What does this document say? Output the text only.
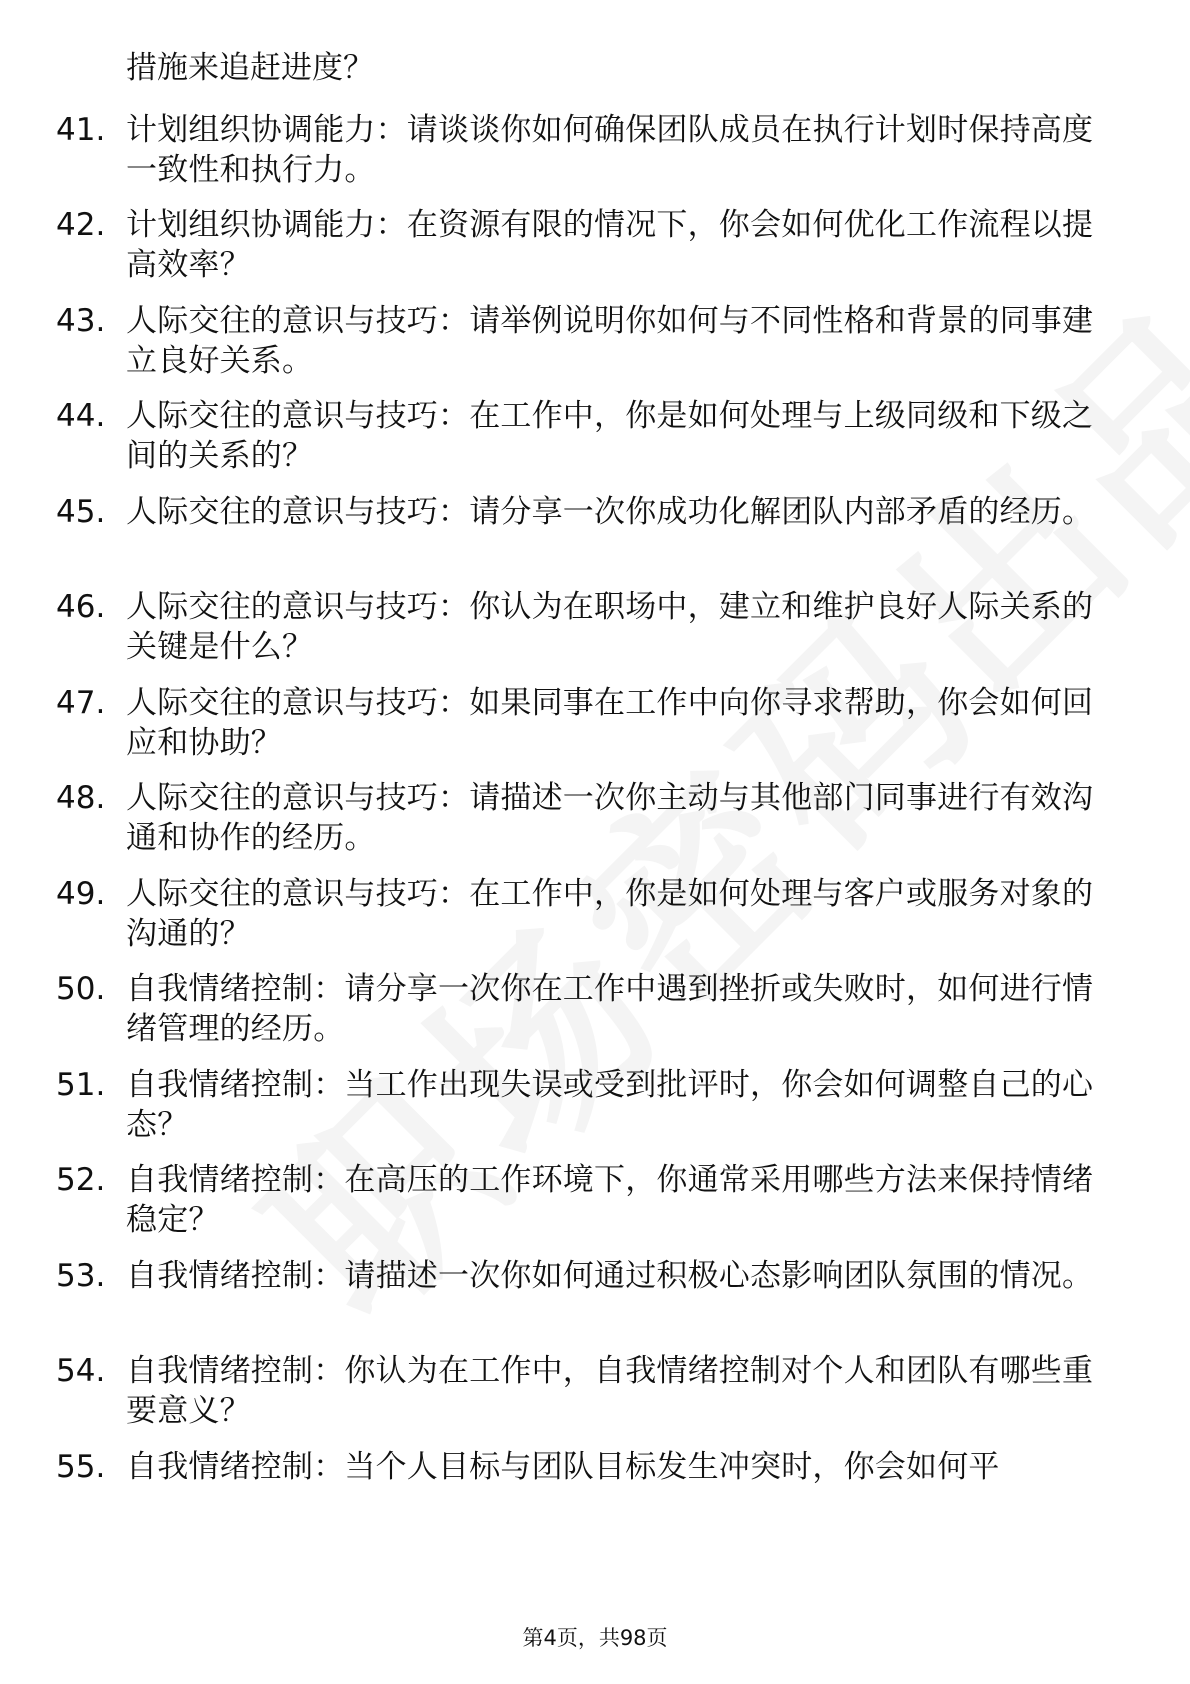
措施来追赶进度？
41. 计划组织协调能力：请谈谈你如何确保团队成员在执行计划时保持高度一致性和执行力。
42. 计划组织协调能力：在资源有限的情况下，你会如何优化工作流程以提高效率？
43. 人际交往的意识与技巧：请举例说明你如何与不同性格和背景的同事建立良好关系。
44. 人际交往的意识与技巧：在工作中，你是如何处理与上级同级和下级之间的关系的？
45. 人际交往的意识与技巧：请分享一次你成功化解团队内部矛盾的经历。
46. 人际交往的意识与技巧：你认为在职场中，建立和维护良好人际关系的关键是什么？
47. 人际交往的意识与技巧：如果同事在工作中向你寻求帮助，你会如何回应和协助？
48. 人际交往的意识与技巧：请描述一次你主动与其他部门同事进行有效沟通和协作的经历。
49. 人际交往的意识与技巧：在工作中，你是如何处理与客户或服务对象的沟通的？
50. 自我情绪控制：请分享一次你在工作中遇到挫折或失败时，如何进行情绪管理的经历。
51. 自我情绪控制：当工作出现失误或受到批评时，你会如何调整自己的心态？
52. 自我情绪控制：在高压的工作环境下，你通常采用哪些方法来保持情绪稳定？
53. 自我情绪控制：请描述一次你如何通过积极心态影响团队氛围的情况。
54. 自我情绪控制：你认为在工作中，自我情绪控制对个人和团队有哪些重要意义？
55. 自我情绪控制：当个人目标与团队目标发生冲突时，你会如何平
第4页，共98页
